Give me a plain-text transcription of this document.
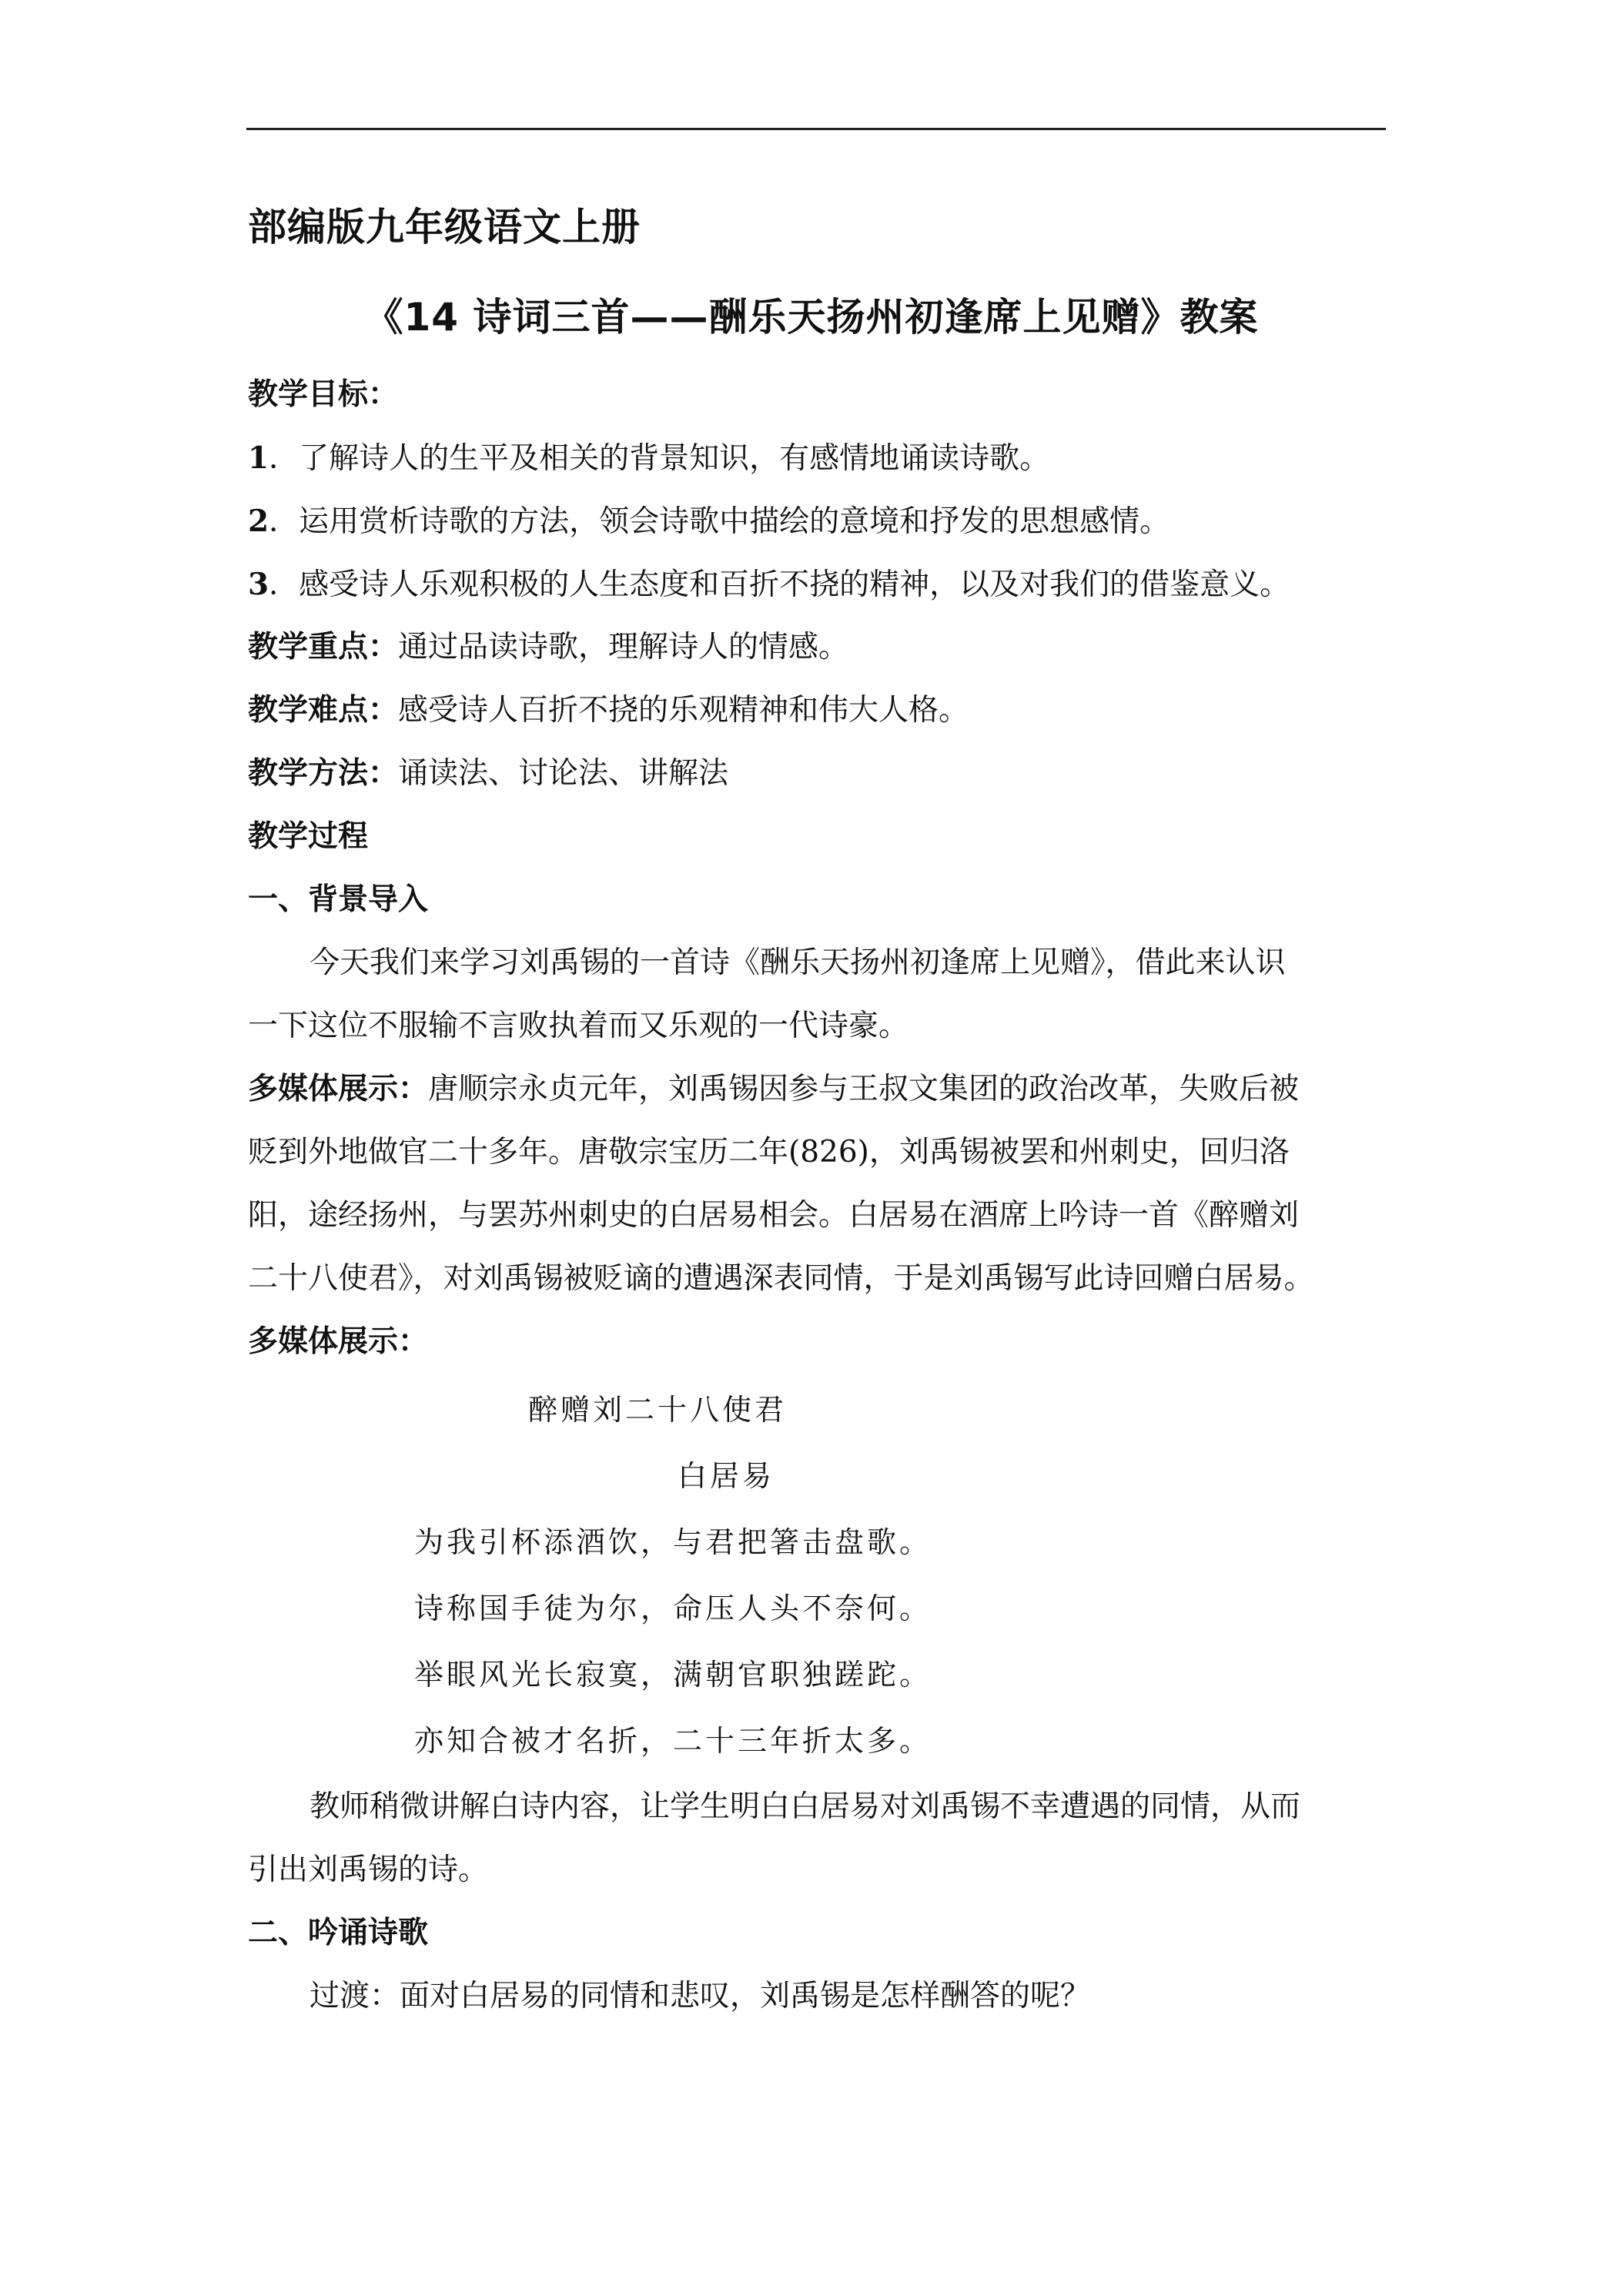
部编版九年级语文上册
《14 诗词三首——酬乐天扬州初逢席上见赠》教案
教学目标：
1．了解诗人的生平及相关的背景知识，有感情地诵读诗歌。
2．运用赏析诗歌的方法，领会诗歌中描绘的意境和抒发的思想感情。
3．感受诗人乐观积极的人生态度和百折不挠的精神，以及对我们的借鉴意义。
教学重点：通过品读诗歌，理解诗人的情感。
教学难点：感受诗人百折不挠的乐观精神和伟大人格。
教学方法：诵读法、讨论法、讲解法
教学过程
一、背景导入
今天我们来学习刘禹锡的一首诗《酬乐天扬州初逢席上见赠》，借此来认识
一下这位不服输不言败执着而又乐观的一代诗豪。
多媒体展示：唐顺宗永贞元年，刘禹锡因参与王叔文集团的政治改革，失败后被
贬到外地做官二十多年。唐敬宗宝历二年(826)，刘禹锡被罢和州刺史，回归洛
阳，途经扬州，与罢苏州刺史的白居易相会。白居易在酒席上吟诗一首《醉赠刘
二十八使君》，对刘禹锡被贬谪的遭遇深表同情，于是刘禹锡写此诗回赠白居易。
多媒体展示：
醉赠刘二十八使君
白居易
为我引杯添酒饮，与君把箸击盘歌。
诗称国手徒为尔，命压人头不奈何。
举眼风光长寂寞，满朝官职独蹉跎。
亦知合被才名折，二十三年折太多。
教师稍微讲解白诗内容，让学生明白白居易对刘禹锡不幸遭遇的同情，从而
引出刘禹锡的诗。
二、吟诵诗歌
过渡：面对白居易的同情和悲叹，刘禹锡是怎样酬答的呢？
